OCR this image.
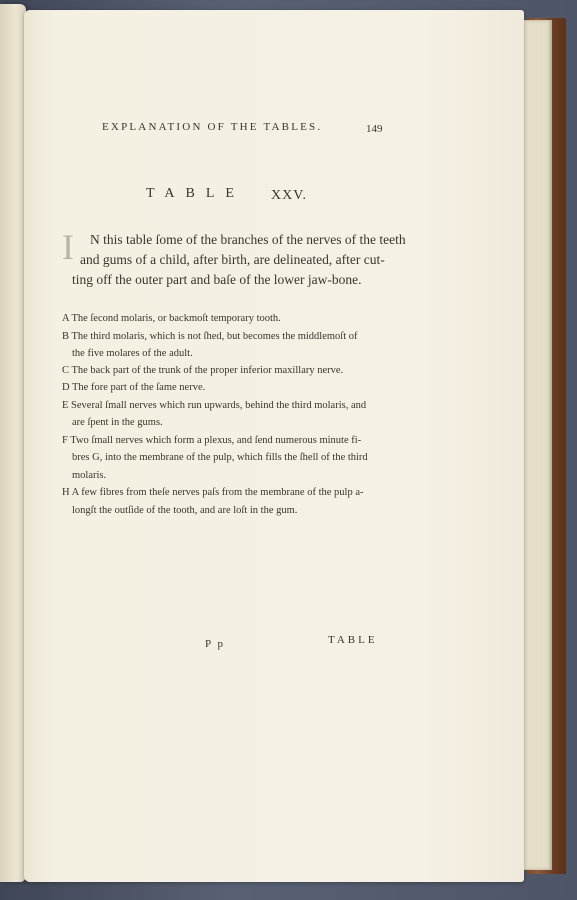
EXPLANATION OF THE TABLES.	149
TABLE XXV.
I N this table ſome of the branches of the nerves of the teeth
and gums of a child, after birth, are delineated, after cut-
ting off the outer part and baſe of the lower jaw-bone.
A The ſecond molaris, or backmoſt temporary tooth.
B The third molaris, which is not ſhed, but becomes the middlemoſt of
the five molares of the adult.
C The back part of the trunk of the proper inferior maxillary nerve.
D The fore part of the ſame nerve.
E Several ſmall nerves which run upwards, behind the third molaris, and
are ſpent in the gums.
F Two ſmall nerves which form a plexus, and ſend numerous minute fi-
bres G, into the membrane of the pulp, which fills the ſhell of the third
molaris.
H A few fibres from theſe nerves paſs from the membrane of the pulp a-
longſt the outſide of the tooth, and are loſt in the gum.
P p	TABLE
